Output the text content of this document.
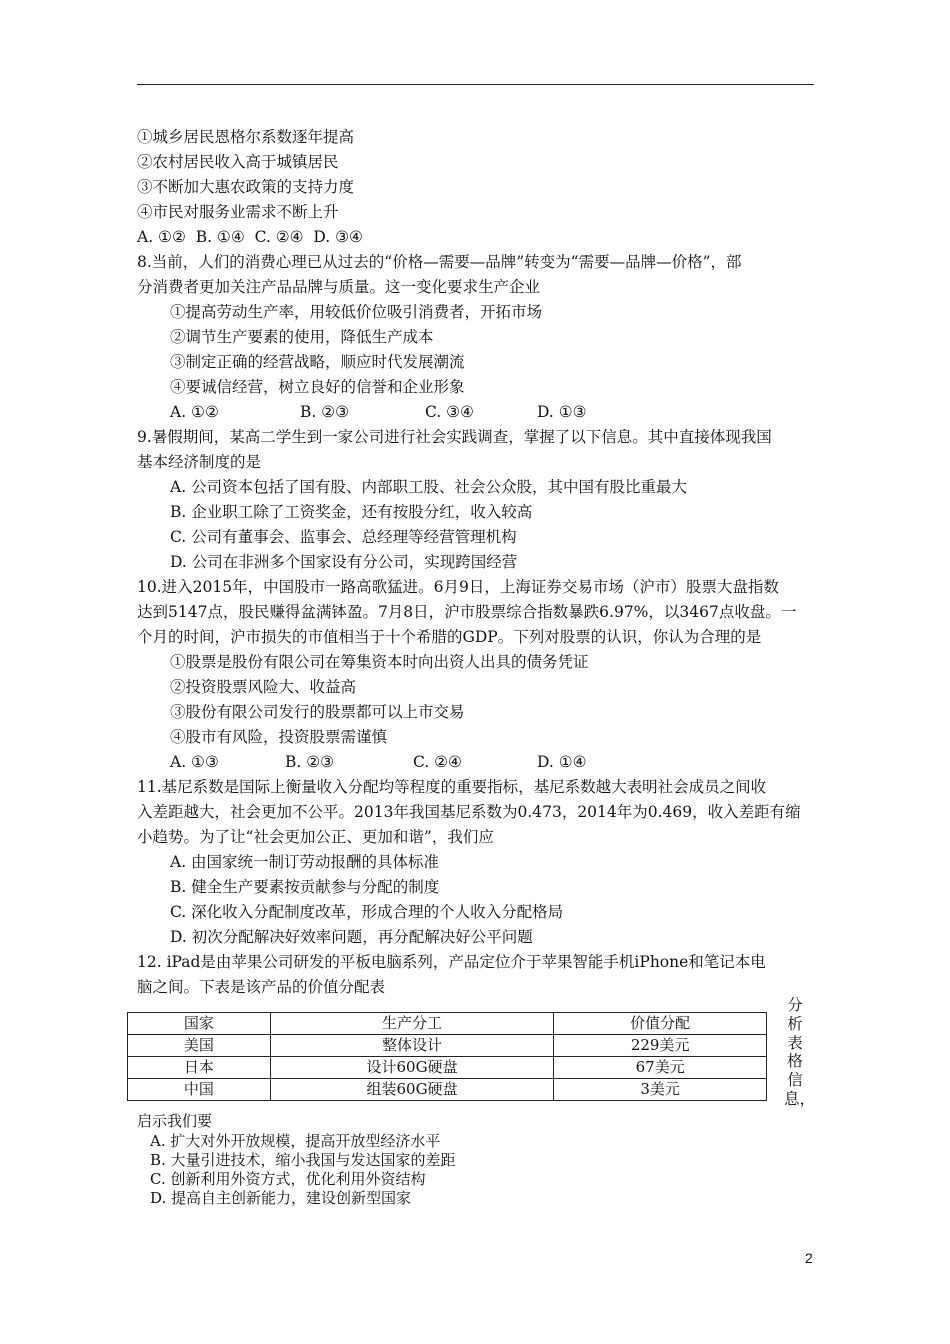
①城乡居民恩格尔系数逐年提高
②农村居民收入高于城镇居民
③不断加大惠农政策的支持力度
④市民对服务业需求不断上升
A. ①②  B. ①④  C. ②④  D. ③④
8.当前，人们的消费心理已从过去的“价格—需要—品牌”转变为“需要—品牌—价格”，部
分消费者更加关注产品品牌与质量。这一变化要求生产企业
①提高劳动生产率，用较低价位吸引消费者，开拓市场
②调节生产要素的使用，降低生产成本
③制定正确的经营战略，顺应时代发展潮流
④要诚信经营，树立良好的信誉和企业形象
A. ①②	B. ②③	C. ③④	D. ①③
9.暑假期间，某高二学生到一家公司进行社会实践调查，掌握了以下信息。其中直接体现我国
基本经济制度的是
A. 公司资本包括了国有股、内部职工股、社会公众股，其中国有股比重最大
B. 企业职工除了工资奖金，还有按股分红，收入较高
C. 公司有董事会、监事会、总经理等经营管理机构
D. 公司在非洲多个国家设有分公司，实现跨国经营
10.进入2015年，中国股市一路高歌猛进。6月9日，上海证券交易市场（沪市）股票大盘指数
达到5147点，股民赚得盆满钵盈。7月8日，沪市股票综合指数暴跌6.97%，以3467点收盘。一
个月的时间，沪市损失的市值相当于十个希腊的GDP。下列对股票的认识，你认为合理的是
①股票是股份有限公司在筹集资本时向出资人出具的债务凭证
②投资股票风险大、收益高
③股份有限公司发行的股票都可以上市交易
④股市有风险，投资股票需谨慎
A. ①③	B. ②③	C. ②④	D. ①④
11.基尼系数是国际上衡量收入分配均等程度的重要指标，基尼系数越大表明社会成员之间收
入差距越大，社会更加不公平。2013年我国基尼系数为0.473，2014年为0.469，收入差距有缩
小趋势。为了让“社会更加公正、更加和谐”，我们应
A. 由国家统一制订劳动报酬的具体标准
B. 健全生产要素按贡献参与分配的制度
C. 深化收入分配制度改革，形成合理的个人收入分配格局
D. 初次分配解决好效率问题，再分配解决好公平问题
12. iPad是由苹果公司研发的平板电脑系列，产品定位介于苹果智能手机iPhone和笔记本电
脑之间。下表是该产品的价值分配表
国家	生产分工	价值分配
美国	整体设计	229美元
日本	设计60G硬盘	67美元
中国	组装60G硬盘	3美元
分
析
表
格
信
息，
启示我们要
A. 扩大对外开放规模，提高开放型经济水平
B. 大量引进技术，缩小我国与发达国家的差距
C. 创新利用外资方式，优化利用外资结构
D. 提高自主创新能力，建设创新型国家
2
